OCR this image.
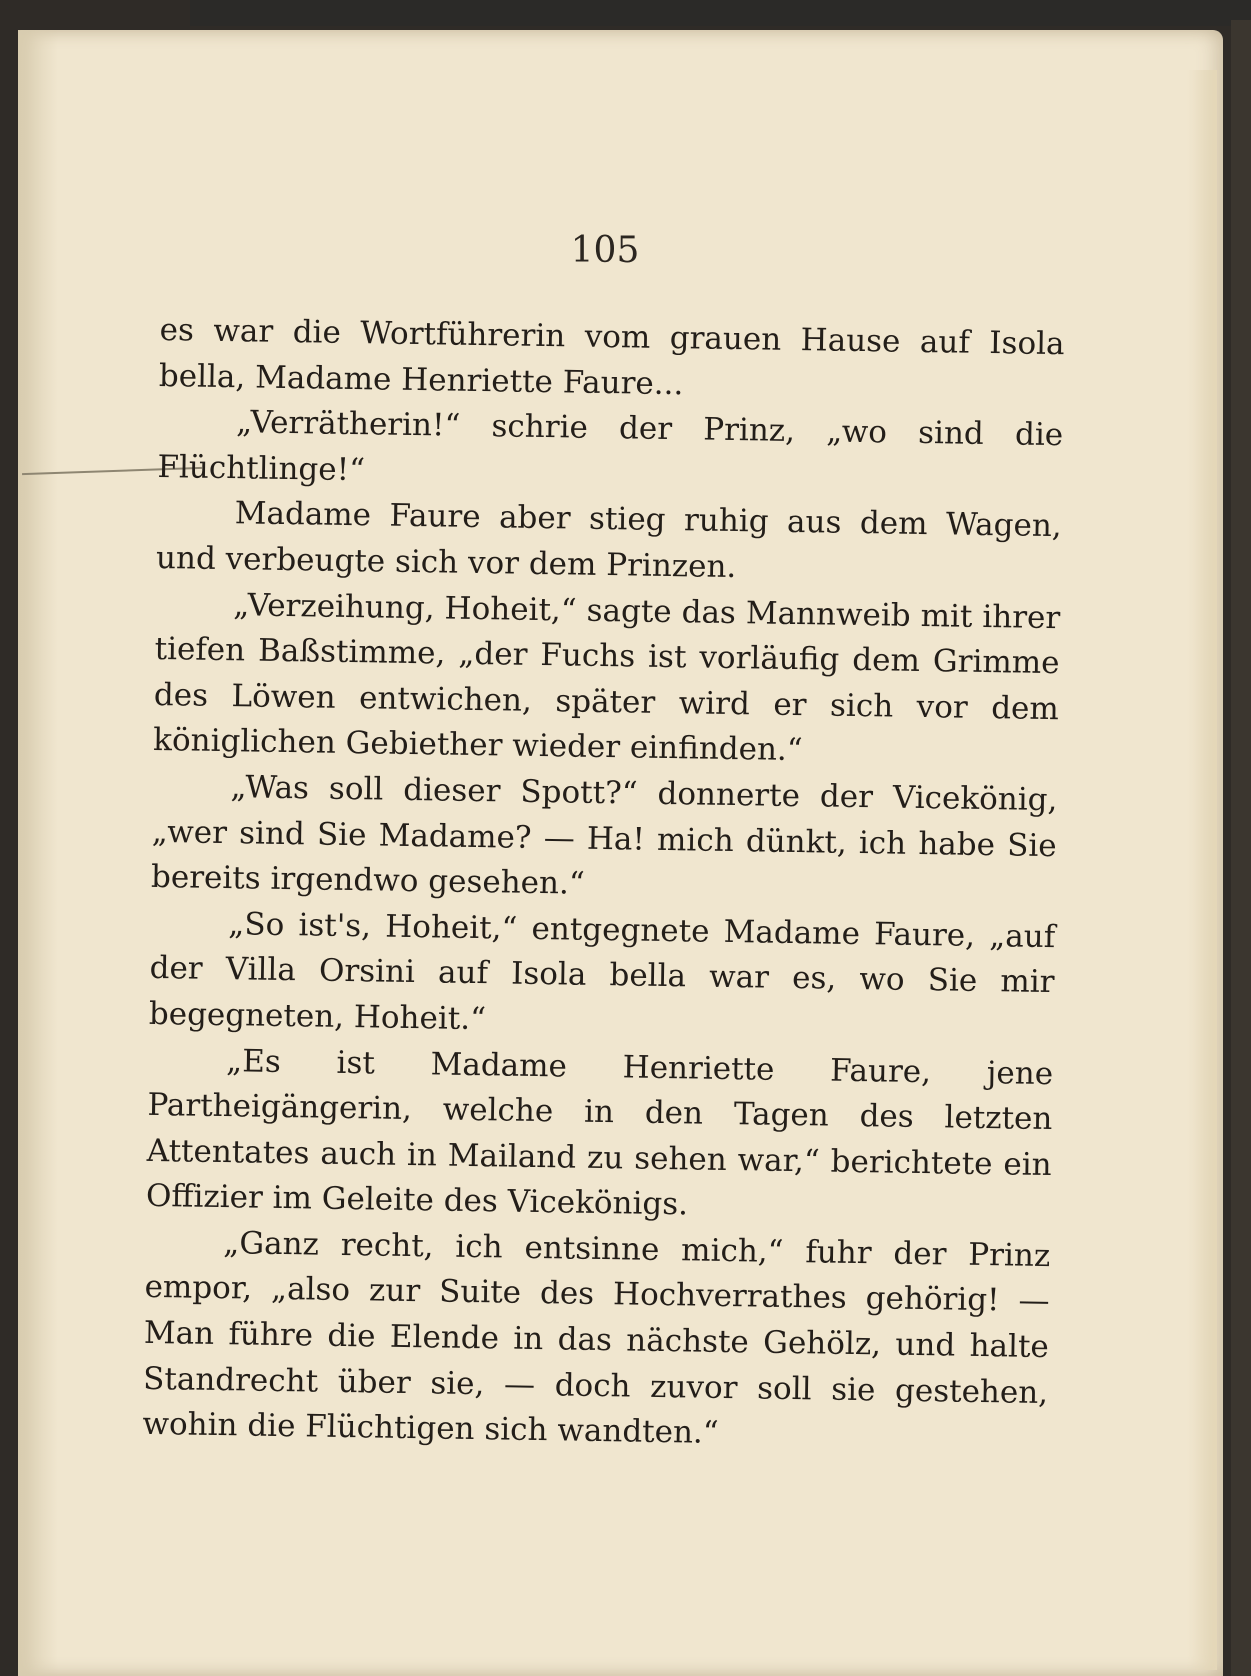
105

es war die Wortführerin vom grauen Hause auf Isola bella, Madame Henriette Faure...

„Verrätherin!“ schrie der Prinz, „wo sind die Flüchtlinge!“

Madame Faure aber stieg ruhig aus dem Wagen, und verbeugte sich vor dem Prinzen.

„Verzeihung, Hoheit,“ sagte das Mannweib mit ihrer tiefen Baßstimme, „der Fuchs ist vorläufig dem Grimme des Löwen entwichen, später wird er sich vor dem königlichen Gebiether wieder einfinden.“

„Was soll dieser Spott?“ donnerte der Vicekönig, „wer sind Sie Madame? — Ha! mich dünkt, ich habe Sie bereits irgendwo gesehen.“

„So ist's, Hoheit,“ entgegnete Madame Faure, „auf der Villa Orsini auf Isola bella war es, wo Sie mir begegneten, Hoheit.“

„Es ist Madame Henriette Faure, jene Partheigängerin, welche in den Tagen des letzten Attentates auch in Mailand zu sehen war,“ berichtete ein Offizier im Geleite des Vicekönigs.

„Ganz recht, ich entsinne mich,“ fuhr der Prinz empor, „also zur Suite des Hochverrathes gehörig! — Man führe die Elende in das nächste Gehölz, und halte Standrecht über sie, — doch zuvor soll sie gestehen, wohin die Flüchtigen sich wandten.“
